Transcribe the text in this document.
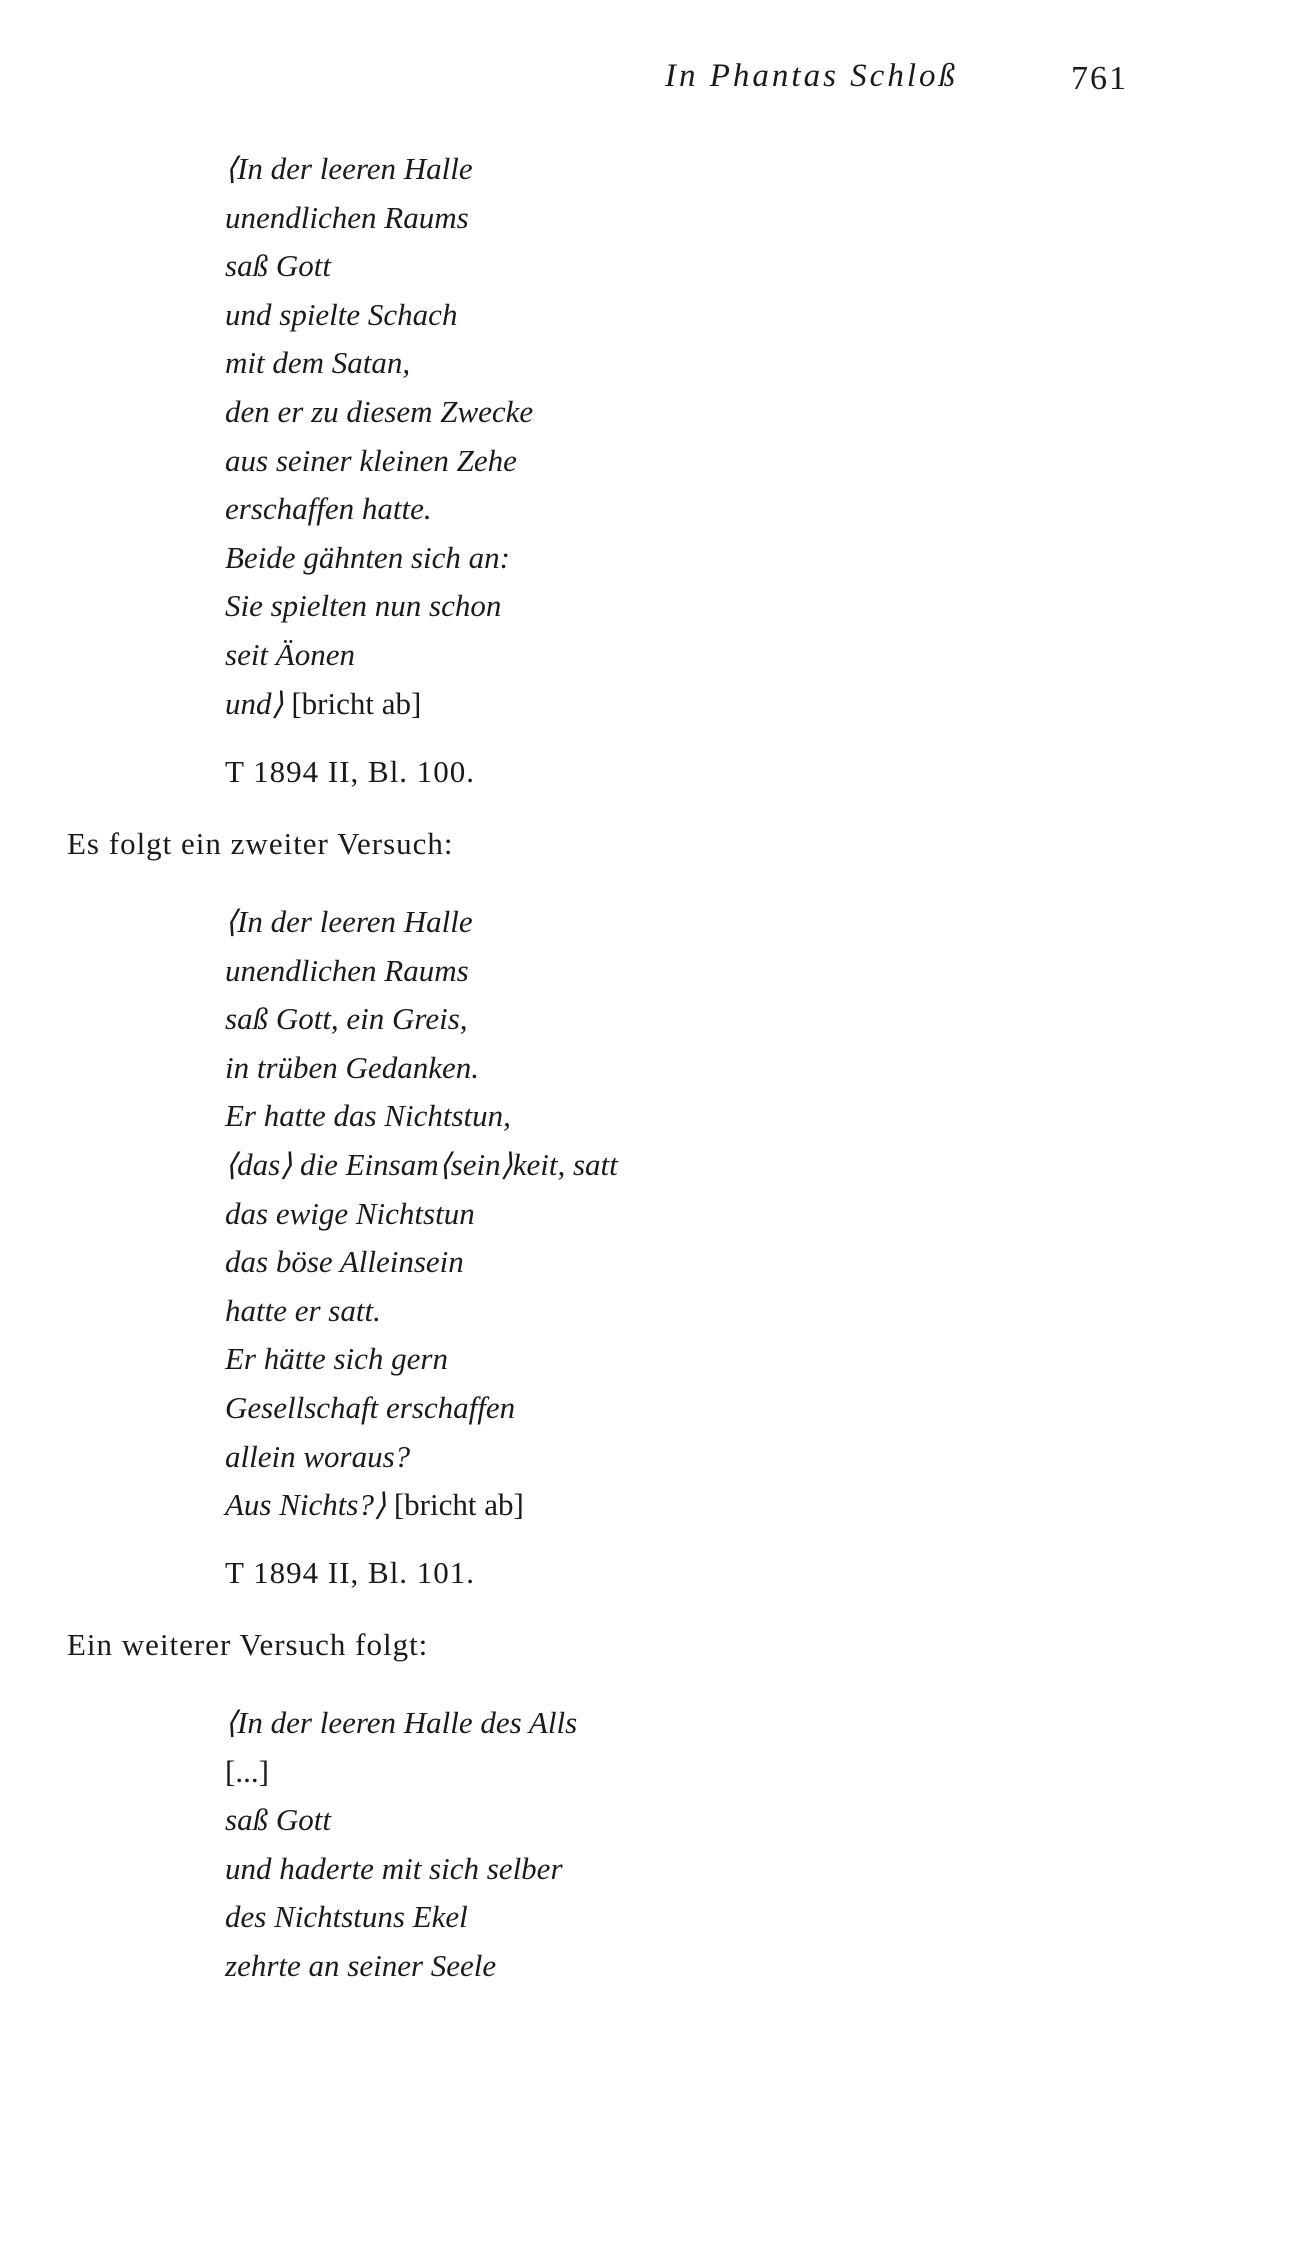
In Phantas Schloß	761
⟨In der leeren Halle
unendlichen Raums
saß Gott
und spielte Schach
mit dem Satan,
den er zu diesem Zwecke
aus seiner kleinen Zehe
erschaffen hatte.
Beide gähnten sich an:
Sie spielten nun schon
seit Äonen
und⟩ [bricht ab]
T 1894 II, Bl. 100.
Es folgt ein zweiter Versuch:
⟨In der leeren Halle
unendlichen Raums
saß Gott, ein Greis,
in trüben Gedanken.
Er hatte das Nichtstun,
⟨das⟩ die Einsam⟨sein⟩keit, satt
das ewige Nichtstun
das böse Alleinsein
hatte er satt.
Er hätte sich gern
Gesellschaft erschaffen
allein woraus?
Aus Nichts?⟩ [bricht ab]
T 1894 II, Bl. 101.
Ein weiterer Versuch folgt:
⟨In der leeren Halle des Alls
[...]
saß Gott
und haderte mit sich selber
des Nichtstuns Ekel
zehrte an seiner Seele
